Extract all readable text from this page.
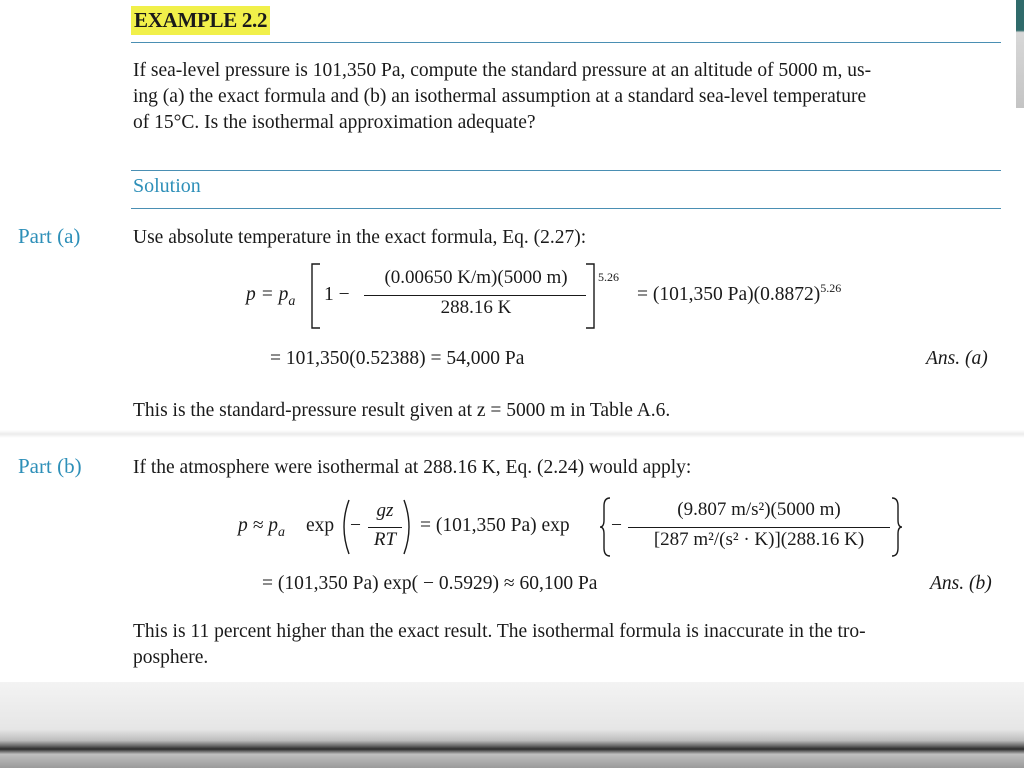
EXAMPLE 2.2
If sea-level pressure is 101,350 Pa, compute the standard pressure at an altitude of 5000 m, us-
ing (a) the exact formula and (b) an isothermal assumption at a standard sea-level temperature
of 15°C. Is the isothermal approximation adequate?
Solution
Part (a)	Use absolute temperature in the exact formula, Eq. (2.27):
$p = p_a$ 1 −
(0.00650 K/m)(5000 m)
288.16 K
5.26
= (101,350 $Pa)(0.8872)^{5.26}$
= 101,350(0.52388) = 54,000 Pa	Ans. (a)
This is the standard-pressure result given at z = 5000 m in Table A.6.
Part (b)	If the atmosphere were isothermal at 288.16 K, Eq. (2.24) would apply:
$p \approx p_a$ exp −
gz
RT
= (101,350 Pa) exp −
(9.807 m/s²)(5000 m)
[287 m²/(s² · K)](288.16 K)
= (101,350 Pa) exp( − 0.5929) ≈ 60,100 Pa	Ans. (b)
This is 11 percent higher than the exact result. The isothermal formula is inaccurate in the tro-
posphere.
